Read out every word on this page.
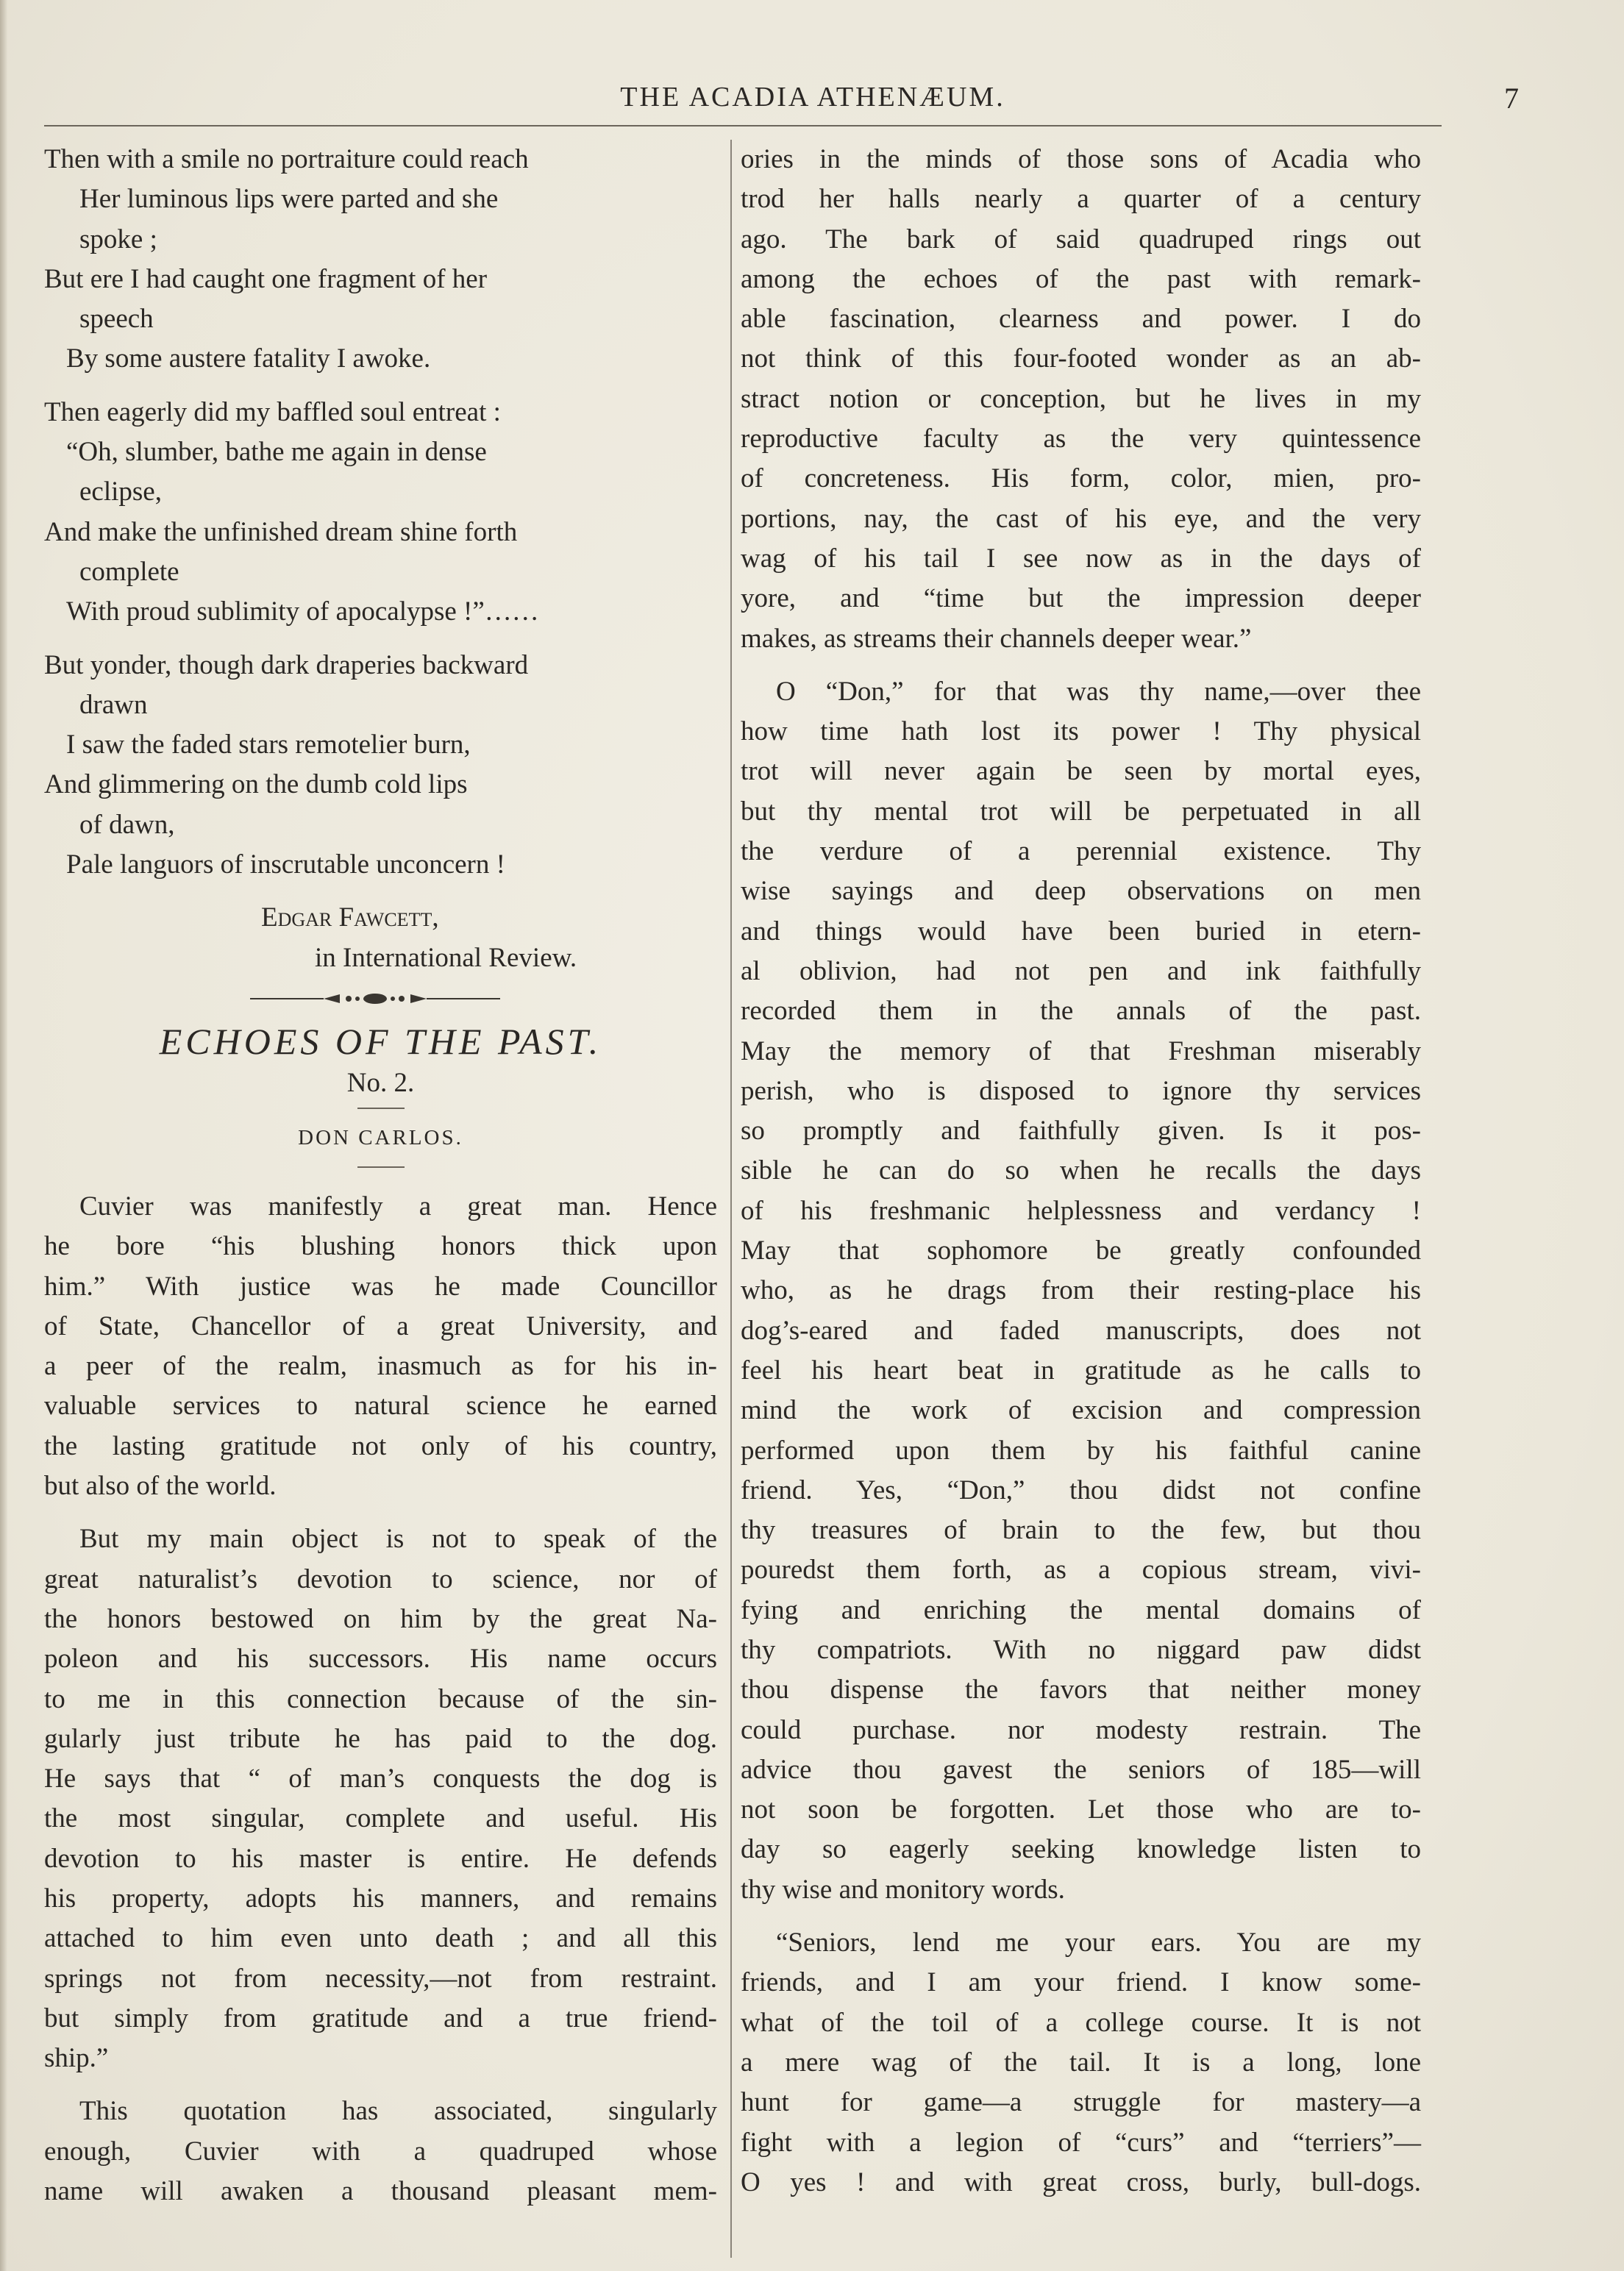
THE ACADIA ATHENÆUM.	7
Then with a smile no portraiture could reach
Her luminous lips were parted and she
spoke ;
But ere I had caught one fragment of her
speech
By some austere fatality I awoke.
Then eagerly did my baffled soul entreat :
“Oh, slumber, bathe me again in dense
eclipse,
And make the unfinished dream shine forth
complete
With proud sublimity of apocalypse !”……
But yonder, though dark draperies backward
drawn
I saw the faded stars remotelier burn,
And glimmering on the dumb cold lips
of dawn,
Pale languors of inscrutable unconcern !
Edgar Fawcett,
in International Review.
ECHOES OF THE PAST.
No. 2.
DON CARLOS.
Cuvier was manifestly a great man. Hence
he bore “his blushing honors thick upon
him.” With justice was he made Councillor
of State, Chancellor of a great University, and
a peer of the realm, inasmuch as for his in-
valuable services to natural science he earned
the lasting gratitude not only of his country,
but also of the world.
But my main object is not to speak of the
great naturalist’s devotion to science, nor of
the honors bestowed on him by the great Na-
poleon and his successors. His name occurs
to me in this connection because of the sin-
gularly just tribute he has paid to the dog.
He says that “ of man’s conquests the dog is
the most singular, complete and useful. His
devotion to his master is entire. He defends
his property, adopts his manners, and remains
attached to him even unto death ; and all this
springs not from necessity,—not from restraint.
but simply from gratitude and a true friend-
ship.”
This quotation has associated, singularly
enough, Cuvier with a quadruped whose
name will awaken a thousand pleasant mem-
ories in the minds of those sons of Acadia who
trod her halls nearly a quarter of a century
ago. The bark of said quadruped rings out
among the echoes of the past with remark-
able fascination, clearness and power. I do
not think of this four-footed wonder as an ab-
stract notion or conception, but he lives in my
reproductive faculty as the very quintessence
of concreteness. His form, color, mien, pro-
portions, nay, the cast of his eye, and the very
wag of his tail I see now as in the days of
yore, and “time but the impression deeper
makes, as streams their channels deeper wear.”
O “Don,” for that was thy name,—over thee
how time hath lost its power ! Thy physical
trot will never again be seen by mortal eyes,
but thy mental trot will be perpetuated in all
the verdure of a perennial existence. Thy
wise sayings and deep observations on men
and things would have been buried in etern-
al oblivion, had not pen and ink faithfully
recorded them in the annals of the past.
May the memory of that Freshman miserably
perish, who is disposed to ignore thy services
so promptly and faithfully given. Is it pos-
sible he can do so when he recalls the days
of his freshmanic helplessness and verdancy !
May that sophomore be greatly confounded
who, as he drags from their resting-place his
dog’s-eared and faded manuscripts, does not
feel his heart beat in gratitude as he calls to
mind the work of excision and compression
performed upon them by his faithful canine
friend. Yes, “Don,” thou didst not confine
thy treasures of brain to the few, but thou
pouredst them forth, as a copious stream, vivi-
fying and enriching the mental domains of
thy compatriots. With no niggard paw didst
thou dispense the favors that neither money
could purchase. nor modesty restrain. The
advice thou gavest the seniors of 185—will
not soon be forgotten. Let those who are to-
day so eagerly seeking knowledge listen to
thy wise and monitory words.
“Seniors, lend me your ears. You are my
friends, and I am your friend. I know some-
what of the toil of a college course. It is not
a mere wag of the tail. It is a long, lone
hunt for game—a struggle for mastery—a
fight with a legion of “curs” and “terriers”—
O yes ! and with great cross, burly, bull-dogs.
